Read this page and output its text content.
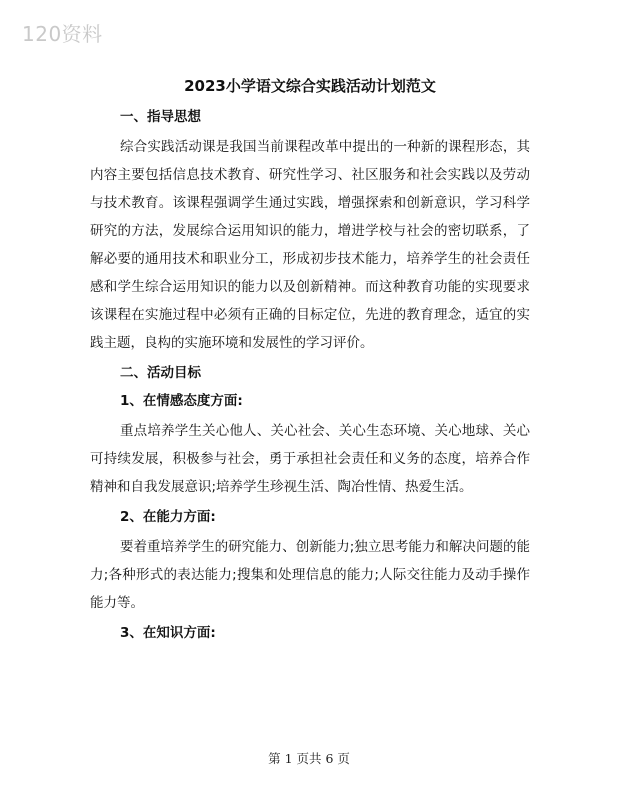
120资料
2023小学语文综合实践活动计划范文
一、指导思想

综合实践活动课是我国当前课程改革中提出的一种新的课程形态，其内容主要包括信息技术教育、研究性学习、社区服务和社会实践以及劳动与技术教育。该课程强调学生通过实践，增强探索和创新意识，学习科学研究的方法，发展综合运用知识的能力，增进学校与社会的密切联系，了解必要的通用技术和职业分工，形成初步技术能力，培养学生的社会责任感和学生综合运用知识的能力以及创新精神。而这种教育功能的实现要求该课程在实施过程中必须有正确的目标定位，先进的教育理念，适宜的实践主题，良构的实施环境和发展性的学习评价。

二、活动目标
1、在情感态度方面:

重点培养学生关心他人、关心社会、关心生态环境、关心地球、关心可持续发展，积极参与社会，勇于承担社会责任和义务的态度，培养合作精神和自我发展意识;培养学生珍视生活、陶冶性情、热爱生活。

2、在能力方面:

要着重培养学生的研究能力、创新能力;独立思考能力和解决问题的能力;各种形式的表达能力;搜集和处理信息的能力;人际交往能力及动手操作能力等。

3、在知识方面:
第 1 页共 6 页
